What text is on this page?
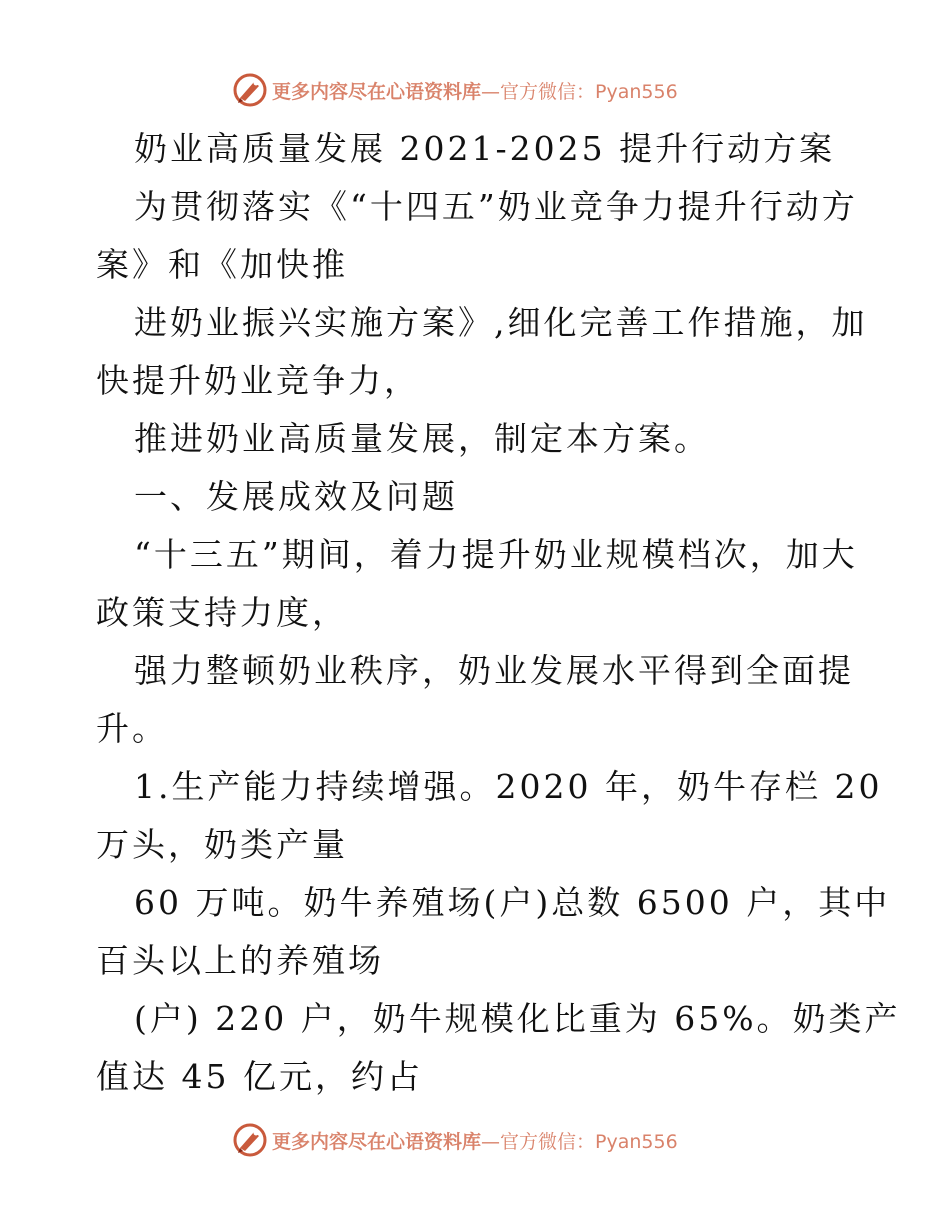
更多内容尽在心语资料库 —官方微信：Pyan556
奶业高质量发展 2021-2025 提升行动方案
为贯彻落实《“十四五”奶业竞争力提升行动方
案》和《加快推
进奶业振兴实施方案》,细化完善工作措施，加
快提升奶业竞争力，
推进奶业高质量发展，制定本方案。
一、发展成效及问题
“十三五”期间，着力提升奶业规模档次，加大
政策支持力度，
强力整顿奶业秩序，奶业发展水平得到全面提
升。
1.生产能力持续增强。2020 年，奶牛存栏 20
万头，奶类产量
60 万吨。奶牛养殖场(户)总数 6500 户，其中
百头以上的养殖场
(户) 220 户，奶牛规模化比重为 65%。奶类产
值达 45 亿元，约占
更多内容尽在心语资料库 —官方微信：Pyan556
